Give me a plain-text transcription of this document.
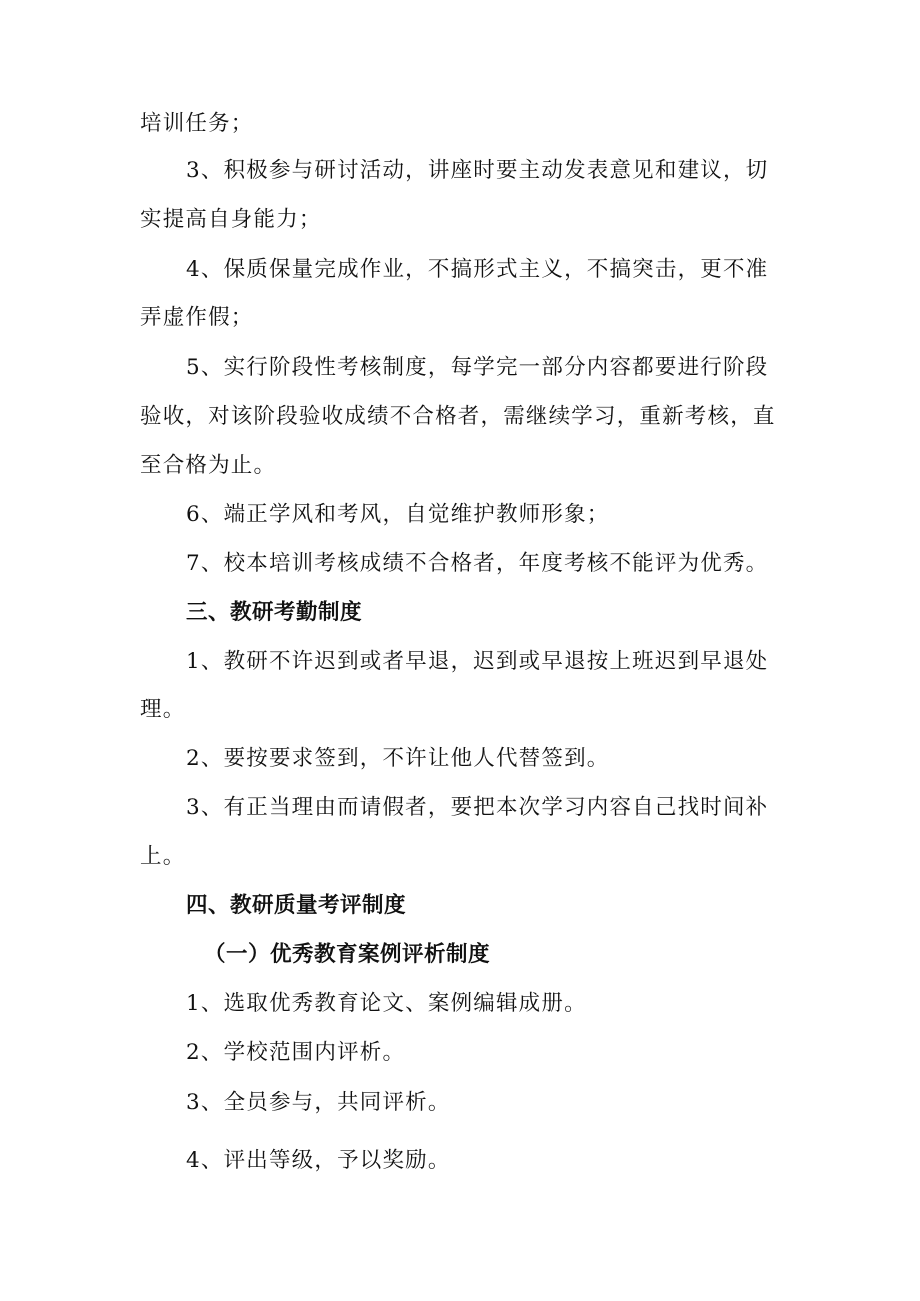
培训任务；
3、积极参与研讨活动，讲座时要主动发表意见和建议，切
实提高自身能力；
4、保质保量完成作业，不搞形式主义，不搞突击，更不准
弄虚作假；
5、实行阶段性考核制度，每学完一部分内容都要进行阶段
验收，对该阶段验收成绩不合格者，需继续学习，重新考核，直
至合格为止。
6、端正学风和考风，自觉维护教师形象；
7、校本培训考核成绩不合格者，年度考核不能评为优秀。
三、教研考勤制度
1、教研不许迟到或者早退，迟到或早退按上班迟到早退处
理。
2、要按要求签到，不许让他人代替签到。
3、有正当理由而请假者，要把本次学习内容自己找时间补
上。
四、教研质量考评制度
（一）优秀教育案例评析制度
1、选取优秀教育论文、案例编辑成册。
2、学校范围内评析。
3、全员参与，共同评析。
4、评出等级，予以奖励。
